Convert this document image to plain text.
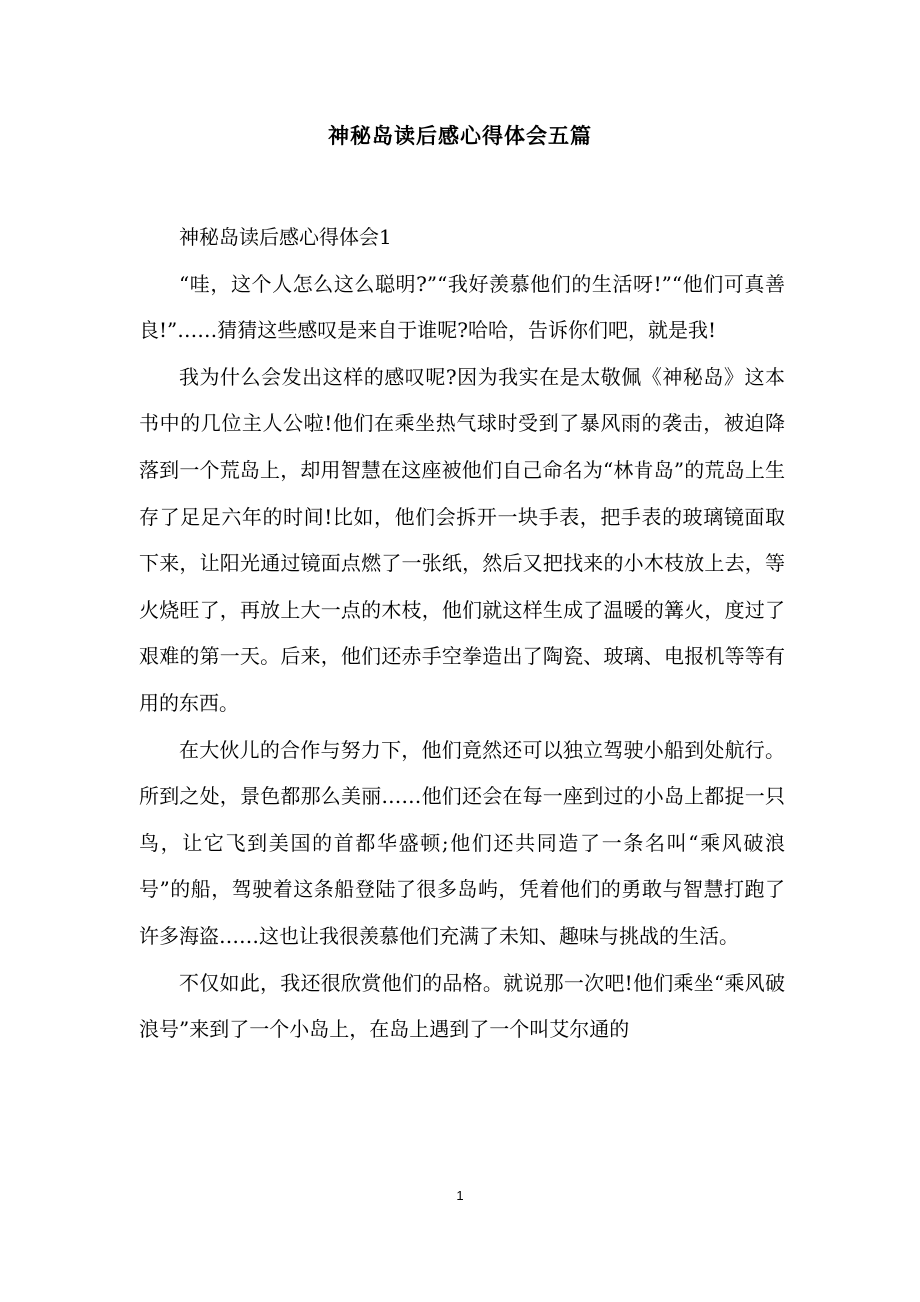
神秘岛读后感心得体会五篇

神秘岛读后感心得体会1

“哇，这个人怎么这么聪明?”“我好羡慕他们的生活呀!”“他们可真善良!”……猜猜这些感叹是来自于谁呢?哈哈，告诉你们吧，就是我!

我为什么会发出这样的感叹呢?因为我实在是太敬佩《神秘岛》这本书中的几位主人公啦!他们在乘坐热气球时受到了暴风雨的袭击，被迫降落到一个荒岛上，却用智慧在这座被他们自己命名为“林肯岛”的荒岛上生存了足足六年的时间!比如，他们会拆开一块手表，把手表的玻璃镜面取下来，让阳光通过镜面点燃了一张纸，然后又把找来的小木枝放上去，等火烧旺了，再放上大一点的木枝，他们就这样生成了温暖的篝火，度过了艰难的第一天。后来，他们还赤手空拳造出了陶瓷、玻璃、电报机等等有用的东西。

在大伙儿的合作与努力下，他们竟然还可以独立驾驶小船到处航行。所到之处，景色都那么美丽……他们还会在每一座到过的小岛上都捉一只鸟，让它飞到美国的首都华盛顿;他们还共同造了一条名叫“乘风破浪号”的船，驾驶着这条船登陆了很多岛屿，凭着他们的勇敢与智慧打跑了许多海盗……这也让我很羡慕他们充满了未知、趣味与挑战的生活。

不仅如此，我还很欣赏他们的品格。就说那一次吧!他们乘坐“乘风破浪号”来到了一个小岛上，在岛上遇到了一个叫艾尔通的

1
